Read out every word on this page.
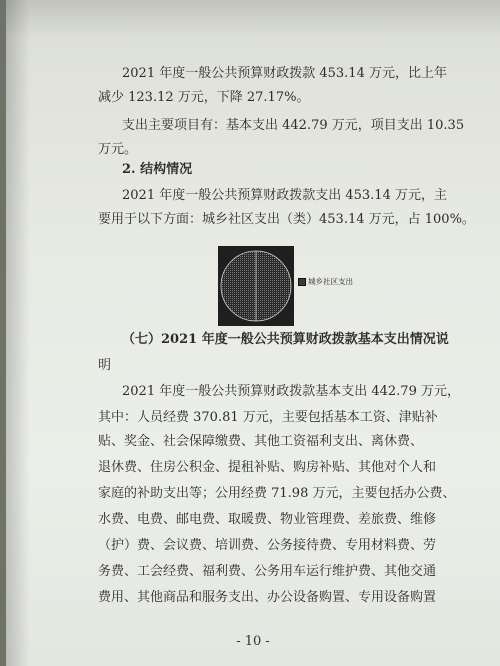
2021 年度一般公共预算财政拨款 453.14 万元，比上年

减少 123.12 万元，下降 27.17%。

支出主要项目有：基本支出 442.79 万元，项目支出 10.35

万元。

2. 结构情况

2021 年度一般公共预算财政拨款支出 453.14 万元，主

要用于以下方面：城乡社区支出（类）453.14 万元，占 100%。

城乡社区支出

（七）2021 年度一般公共预算财政拨款基本支出情况说

明

2021 年度一般公共预算财政拨款基本支出 442.79 万元，

其中：人员经费 370.81 万元，主要包括基本工资、津贴补

贴、奖金、社会保障缴费、其他工资福利支出、离休费、

退休费、住房公积金、提租补贴、购房补贴、其他对个人和

家庭的补助支出等；公用经费 71.98 万元，主要包括办公费、

水费、电费、邮电费、取暖费、物业管理费、差旅费、维修

（护）费、会议费、培训费、公务接待费、专用材料费、劳

务费、工会经费、福利费、公务用车运行维护费、其他交通

费用、其他商品和服务支出、办公设备购置、专用设备购置

- 10 -
